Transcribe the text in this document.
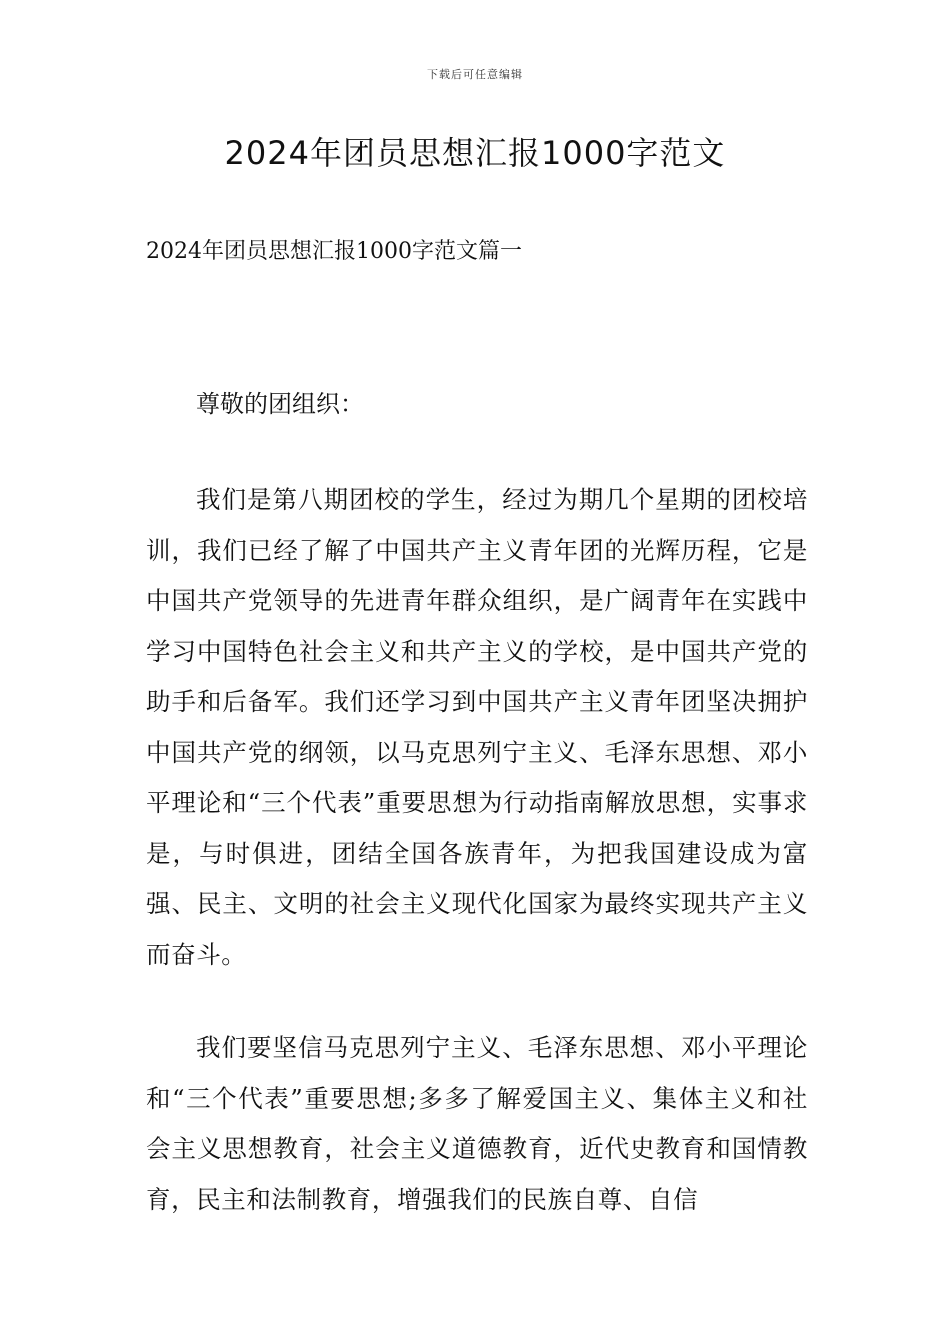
下载后可任意编辑
2024年团员思想汇报1000字范文
2024年团员思想汇报1000字范文篇一
尊敬的团组织：

我们是第八期团校的学生，经过为期几个星期的团校培训，我们已经了解了中国共产主义青年团的光辉历程，它是中国共产党领导的先进青年群众组织，是广阔青年在实践中学习中国特色社会主义和共产主义的学校，是中国共产党的助手和后备军。我们还学习到中国共产主义青年团坚决拥护中国共产党的纲领，以马克思列宁主义、毛泽东思想、邓小平理论和“三个代表”重要思想为行动指南解放思想，实事求是，与时俱进，团结全国各族青年，为把我国建设成为富强、民主、文明的社会主义现代化国家为最终实现共产主义而奋斗。

我们要坚信马克思列宁主义、毛泽东思想、邓小平理论和“三个代表”重要思想;多多了解爱国主义、集体主义和社会主义思想教育，社会主义道德教育，近代史教育和国情教育，民主和法制教育，增强我们的民族自尊、自信
